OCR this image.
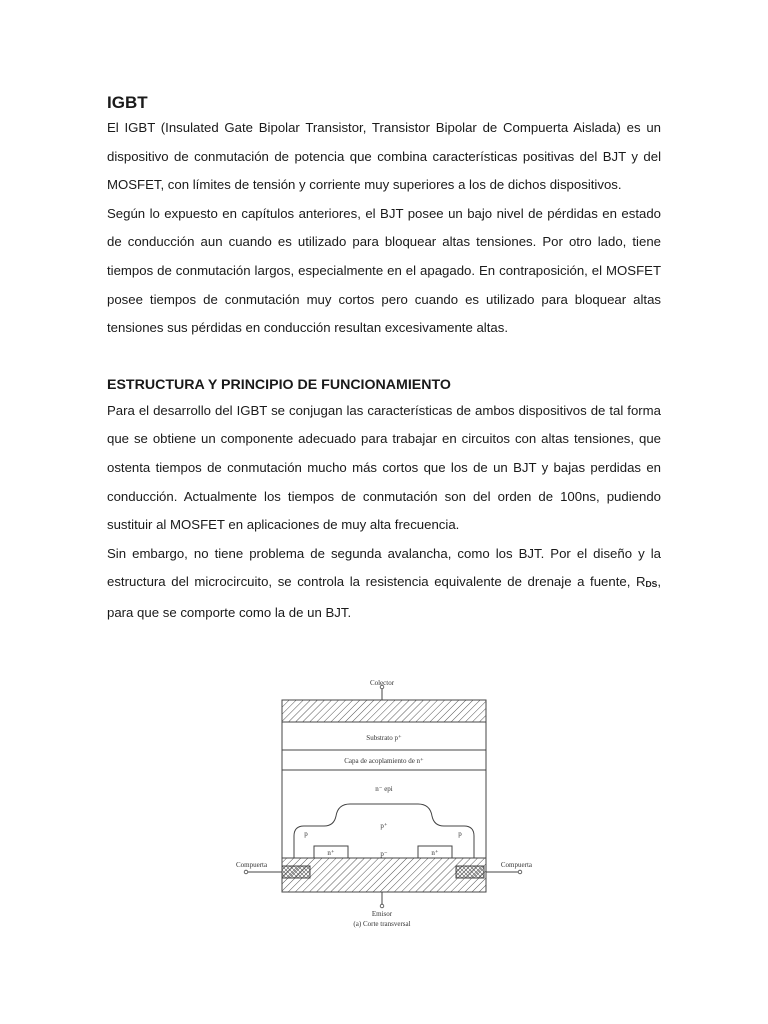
IGBT

El IGBT (Insulated Gate Bipolar Transistor, Transistor Bipolar de Compuerta Aislada) es un dispositivo de conmutación de potencia que combina características positivas del BJT y del MOSFET, con límites de tensión y corriente muy superiores a los de dichos dispositivos.

Según lo expuesto en capítulos anteriores, el BJT posee un bajo nivel de pérdidas en estado de conducción aun cuando es utilizado para bloquear altas tensiones. Por otro lado, tiene tiempos de conmutación largos, especialmente en el apagado. En contraposición, el MOSFET posee tiempos de conmutación muy cortos pero cuando es utilizado para bloquear altas tensiones sus pérdidas en conducción resultan excesivamente altas.

ESTRUCTURA Y PRINCIPIO DE FUNCIONAMIENTO

Para el desarrollo del IGBT se conjugan las características de ambos dispositivos de tal forma que se obtiene un componente adecuado para trabajar en circuitos con altas tensiones, que ostenta tiempos de conmutación mucho más cortos que los de un BJT y bajas perdidas en conducción. Actualmente los tiempos de conmutación son del orden de 100ns, pudiendo sustituir al MOSFET en aplicaciones de muy alta frecuencia.

Sin embargo, no tiene problema de segunda avalancha, como los BJT. Por el diseño y la estructura del microcircuito, se controla la resistencia equivalente de drenaje a fuente, $R_{DS}$, para que se comporte como la de un BJT.

Colector
Substrato p⁺
Capa de acoplamiento de n⁺
n⁻ epi
p⁺
p	p
n⁺	n⁺
p⁻
Compuerta	Compuerta
Emisor
(a) Corte transversal
